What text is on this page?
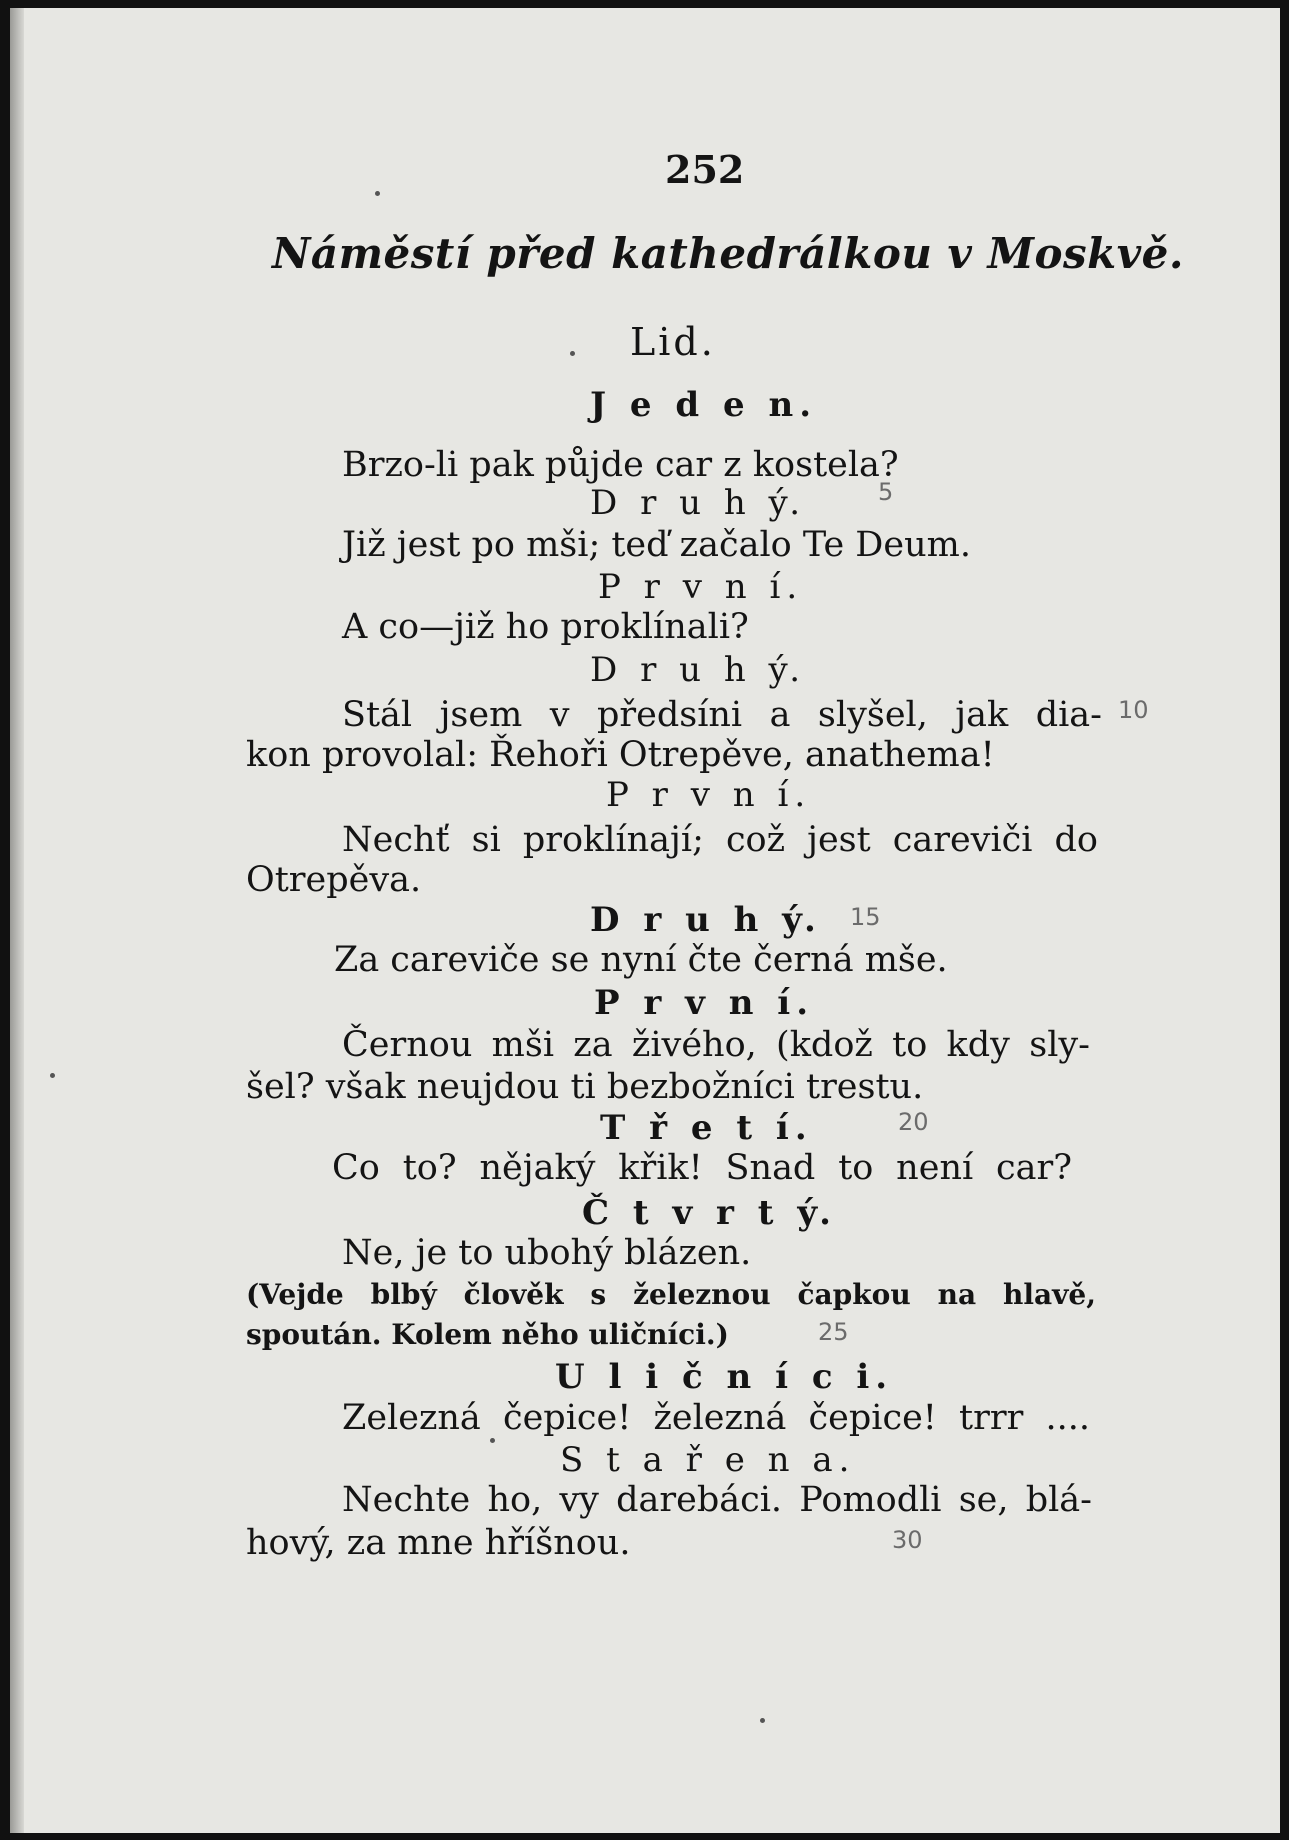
252
Náměstí před kathedrálkou v Moskvě.
Lid.
J e d e n.
Brzo-li pak půjde car z kostela?
D r u h ý.
Již jest po mši; teď začalo Te Deum.
P r v n í.
A co—již ho proklínali?
D r u h ý.
Stál jsem v předsíni a slyšel, jak dia-
kon provolal: Řehoři Otrepěve, anathema!
P r v n í.
Nechť si proklínají; což jest careviči do
Otrepěva.
D r u h ý.
Za careviče se nyní čte černá mše.
P r v n í.
Černou mši za živého, (kdož to kdy sly-
šel? však neujdou ti bezbožníci trestu.
T ř e t í.
Co to? nějaký křik! Snad to není car?
Č t v r t ý.
Ne, je to ubohý blázen.
(Vejde blbý člověk s železnou čapkou na hlavě,
spoután. Kolem něho uličníci.)
U l i č n í c i.
Zelezná čepice! železná čepice! trrr ....
S t a ř e n a.
Nechte ho, vy darebáci. Pomodli se, blá-
hový, za mne hříšnou.
5
10
15
20
25
30
